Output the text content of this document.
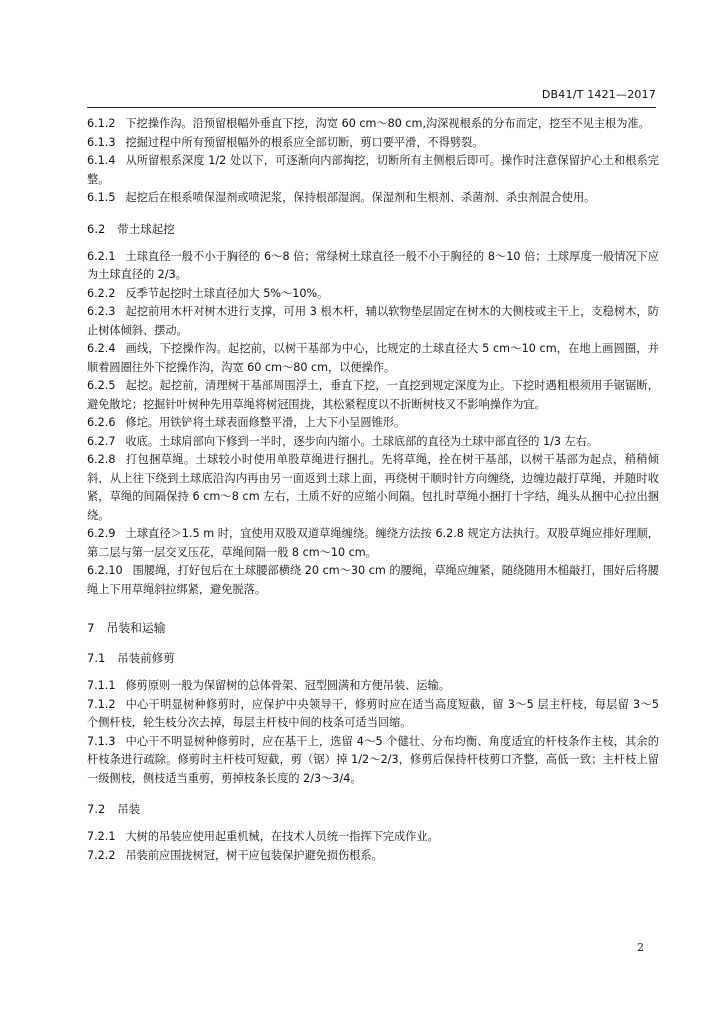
DB41/T 1421—2017

6.1.2 下挖操作沟。沿预留根幅外垂直下挖，沟宽 60 cm～80 cm,沟深视根系的分布而定，挖至不见主根为准。

6.1.3 挖掘过程中所有预留根幅外的根系应全部切断，剪口要平滑，不得劈裂。

6.1.4 从所留根系深度 1/2 处以下，可逐渐向内部掏挖，切断所有主侧根后即可。操作时注意保留护心土和根系完整。

6.1.5 起挖后在根系喷保湿剂或喷泥浆，保持根部湿润。保湿剂和生根剂、杀菌剂、杀虫剂混合使用。

6.2 带土球起挖

6.2.1 土球直径一般不小于胸径的 6～8 倍；常绿树土球直径一般不小于胸径的 8～10 倍；土球厚度一般情况下应为土球直径的 2/3。

6.2.2 反季节起挖时土球直径加大 5%～10%。

6.2.3 起挖前用木杆对树木进行支撑，可用 3 根木杆，辅以软物垫层固定在树木的大侧枝或主干上，支稳树木，防止树体倾斜、摆动。

6.2.4 画线，下挖操作沟。起挖前，以树干基部为中心，比规定的土球直径大 5 cm～10 cm，在地上画圆圈，并顺着圆圈往外下挖操作沟，沟宽 60 cm～80 cm，以便操作。

6.2.5 起挖。起挖前，清理树干基部周围浮土，垂直下挖，一直挖到规定深度为止。下挖时遇粗根须用手锯锯断，避免散坨；挖掘针叶树种先用草绳将树冠围拢，其松紧程度以不折断树枝又不影响操作为宜。

6.2.6 修坨。用铁铲将土球表面修整平滑，上大下小呈圆锥形。

6.2.7 收底。土球肩部向下修到一半时，逐步向内缩小。土球底部的直径为土球中部直径的 1/3 左右。

6.2.8 打包捆草绳。土球较小时使用单股草绳进行捆扎。先将草绳，拴在树干基部，以树干基部为起点，稍稍倾斜，从上往下绕到土球底沿沟内再由另一面返到土球上面，再绕树干顺时针方向缠绕，边缠边敲打草绳，并随时收紧，草绳的间隔保持 6 cm～8 cm 左右，土质不好的应缩小间隔。包扎时草绳小捆打十字结，绳头从捆中心拉出捆绕。

6.2.9 土球直径＞1.5 m 时，宜使用双股双道草绳缠绕。缠绕方法按 6.2.8 规定方法执行。双股草绳应排好理顺，第二层与第一层交叉压花，草绳间隔一般 8 cm～10 cm。

6.2.10 围腰绳，打好包后在土球腰部横绕 20 cm～30 cm 的腰绳，草绳应缠紧，随绕随用木槌敲打，围好后将腰绳上下用草绳斜拉绑紧，避免脱落。

7 吊装和运输
7.1 吊装前修剪

7.1.1 修剪原则一般为保留树的总体骨架、冠型圆满和方便吊装、运输。

7.1.2 中心干明显树种修剪时，应保护中央领导干，修剪时应在适当高度短截，留 3～5 层主杆枝，每层留 3～5 个侧杆枝，轮生枝分次去掉，每层主杆枝中间的枝条可适当回缩。

7.1.3 中心干不明显树种修剪时，应在基干上，选留 4～5 个健壮、分布均衡、角度适宜的杆枝条作主枝，其余的杆枝条进行疏除。修剪时主杆枝可短截，剪（锯）掉 1/2～2/3，修剪后保持杆枝剪口齐整，高低一致；主杆枝上留一级侧枝，侧枝适当重剪，剪掉枝条长度的 2/3～3/4。

7.2 吊装

7.2.1 大树的吊装应使用起重机械，在技术人员统一指挥下完成作业。

7.2.2 吊装前应围拢树冠，树干应包装保护避免损伤根系。

2
